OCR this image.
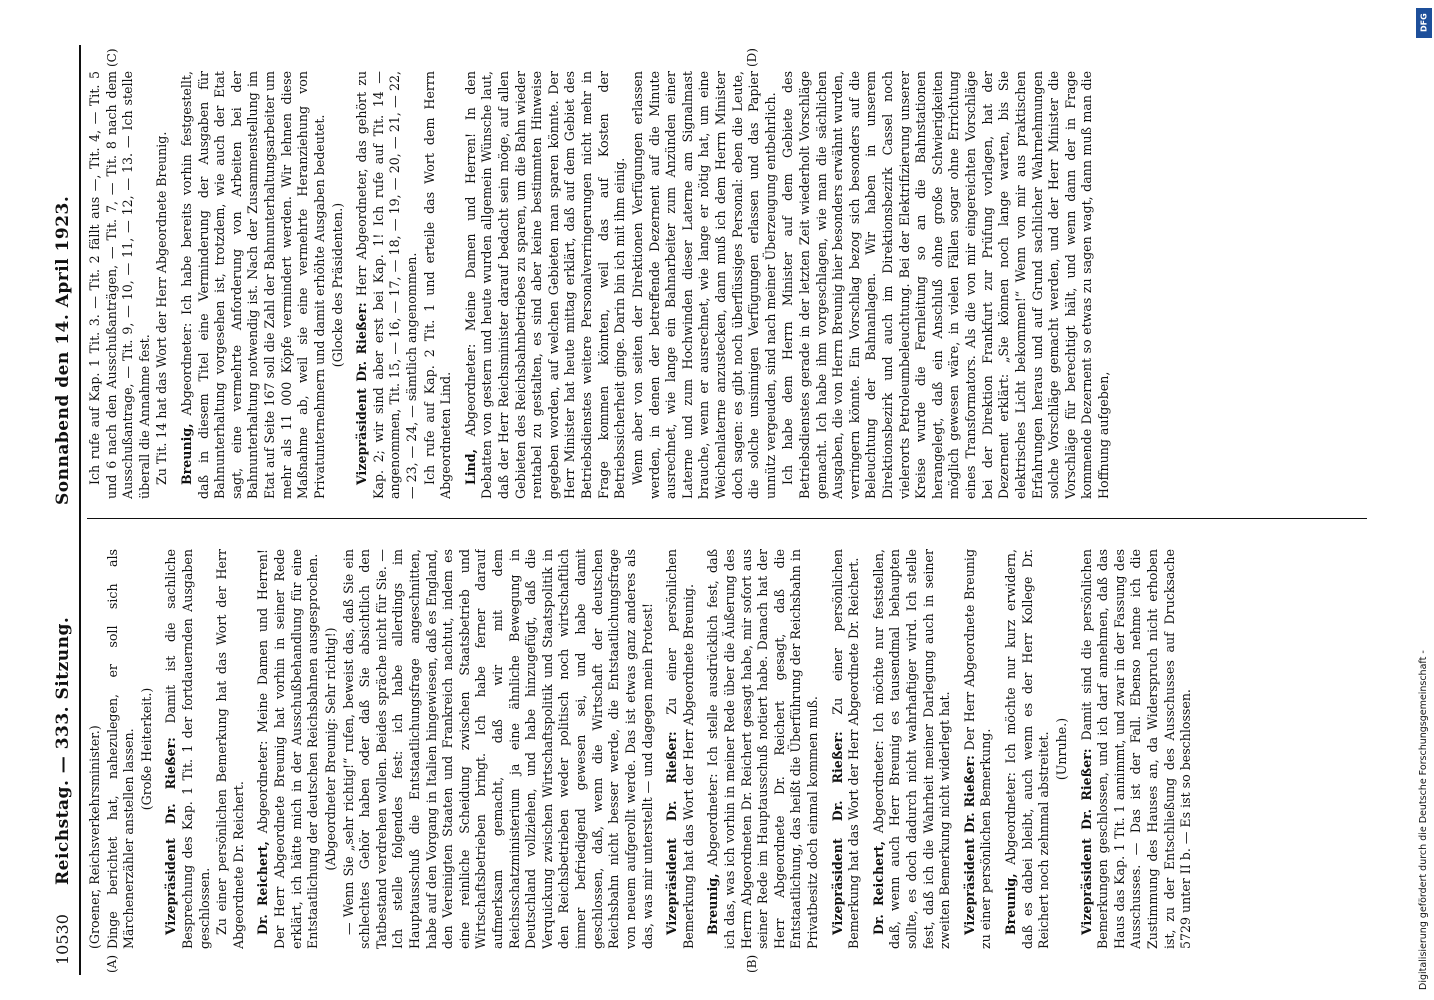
10530
Reichstag. — 333. Sitzung.
Sonnabend den 14. April 1923.
(A)	(B)
(C)	(D)

(Groener, Reichsverkehrsminister.) Dinge berichtet hat, nahezulegen, er soll sich als Märchenerzähler anstellen lassen. (Große Heiterkeit.) Vizepräsident Dr. Rießer: Damit ist die sachliche Besprechung des Kap. 1 Tit. 1 der fortdauernden Ausgaben geschlossen. Zu einer persönlichen Bemerkung hat das Wort der Herr Abgeordnete Dr. Reichert. Dr. Reichert, Abgeordneter: Meine Damen und Herren! Der Herr Abgeordnete Breunig hat vorhin in seiner Rede erklärt, ich hätte mich in der Ausschußbehandlung für eine Entstaatlichung der deutschen Reichsbahnen ausgesprochen. (Abgeordneter Breunig: Sehr richtig!) — Wenn Sie „sehr richtig!“ rufen, beweist das, daß Sie ein schlechtes Gehör haben oder daß Sie absichtlich den Tatbestand verdrehen wollen. Beides spräche nicht für Sie. — Ich stelle folgendes fest: ich habe allerdings im Hauptausschuß die Entstaatlichungsfrage angeschnitten, habe auf den Vorgang in Italien hingewiesen, daß es England, den Vereinigten Staaten und Frankreich nachtut, indem es eine reinliche Scheidung zwischen Staatsbetrieb und Wirtschaftsbetrieben bringt. Ich habe ferner darauf aufmerksam gemacht, daß wir mit dem Reichsschatzministerium ja eine ähnliche Bewegung in Deutschland vollziehen, und habe hinzugefügt, daß die Verquickung zwischen Wirtschaftspolitik und Staatspolitik in den Reichsbetrieben weder politisch noch wirtschaftlich immer befriedigend gewesen sei, und habe damit geschlossen, daß, wenn die Wirtschaft der deutschen Reichsbahn nicht besser werde, die Entstaatlichungsfrage von neuem aufgerollt werde. Das ist etwas ganz anderes als das, was mir unterstellt — und dagegen mein Protest! Vizepräsident Dr. Rießer: Zu einer persönlichen Bemerkung hat das Wort der Herr Abgeordnete Breunig. Breunig, Abgeordneter: Ich stelle ausdrücklich fest, daß ich das, was ich vorhin in meiner Rede über die Äußerung des Herrn Abgeordneten Dr. Reichert gesagt habe, mir sofort aus seiner Rede im Hauptausschuß notiert habe. Danach hat der Herr Abgeordnete Dr. Reichert gesagt, daß die Entstaatlichung, das heißt die Überführung der Reichsbahn in Privatbesitz doch einmal kommen muß. Vizepräsident Dr. Rießer: Zu einer persönlichen Bemerkung hat das Wort der Herr Abgeordnete Dr. Reichert. Dr. Reichert, Abgeordneter: Ich möchte nur feststellen, daß, wenn auch Herr Breunig es tausendmal behaupten sollte, es doch dadurch nicht wahrhaftiger wird. Ich stelle fest, daß ich die Wahrheit meiner Darlegung auch in seiner zweiten Bemerkung nicht widerlegt hat. Vizepräsident Dr. Rießer: Der Herr Abgeordnete Breunig zu einer persönlichen Bemerkung. Breunig, Abgeordneter: Ich möchte nur kurz erwidern, daß es dabei bleibt, auch wenn es der Herr Kollege Dr. Reichert noch zehnmal abstreitet. (Unruhe.) Vizepräsident Dr. Rießer: Damit sind die persönlichen Bemerkungen geschlossen, und ich darf annehmen, daß das Haus das Kap. 1 Tit. 1 annimmt, und zwar in der Fassung des Ausschusses. — Das ist der Fall. Ebenso nehme ich die Zustimmung des Hauses an, da Widerspruch nicht erhoben ist, zu der Entschließung des Ausschusses auf Drucksache 5729 unter II b. — Es ist so beschlossen.

Ich rufe auf Kap. 1 Tit. 3. — Tit. 2 fällt aus —, Tit. 4, — Tit. 5 und 6 nach den Ausschußanträgen, — Tit. 7, — Tit. 8 nach dem Ausschußantrage, — Tit. 9, — 10, — 11, — 12, — 13. — Ich stelle überall die Annahme fest. Zu Tit. 14 hat das Wort der Herr Abgeordnete Breunig. Breunig, Abgeordneter: Ich habe bereits vorhin festgestellt, daß in diesem Titel eine Verminderung der Ausgaben für Bahnunterhaltung vorgesehen ist, trotzdem, wie auch der Etat sagt, eine vermehrte Anforderung von Arbeiten bei der Bahnunterhaltung notwendig ist. Nach der Zusammenstellung im Etat auf Seite 167 soll die Zahl der Bahnunterhaltungsarbeiter um mehr als 11 000 Köpfe vermindert werden. Wir lehnen diese Maßnahme ab, weil sie eine vermehrte Heranziehung von Privatunternehmern und damit erhöhte Ausgaben bedeutet. (Glocke des Präsidenten.)

Vizepräsident Dr. Rießer: Herr Abgeordneter, das gehört zu Kap. 2; wir sind aber erst bei Kap. 1! Ich rufe auf Tit. 14 — angenommen, Tit. 15, — 16, — 17, — 18, — 19, — 20, — 21, — 22, — 23, — 24, — sämtlich angenommen. Ich rufe auf Kap. 2 Tit. 1 und erteile das Wort dem Herrn Abgeordneten Lind. Lind, Abgeordneter: Meine Damen und Herren! In den Debatten von gestern und heute wurden allgemein Wünsche laut, daß der Herr Reichsminister darauf bedacht sein möge, auf allen Gebieten des Reichsbahnbetriebes zu sparen, um die Bahn wieder rentabel zu gestalten, es sind aber keine bestimmten Hinweise gegeben worden, auf welchen Gebieten man sparen könnte. Der Herr Minister hat heute mittag erklärt, daß auf dem Gebiet des Betriebsdienstes weitere Personalverringerungen nicht mehr in Frage kommen könnten, weil das auf Kosten der Betriebssicherheit ginge. Darin bin ich mit ihm einig. Wenn aber von seiten der Direktionen Verfügungen erlassen werden, in denen der betreffende Dezernent auf die Minute ausrechnet, wie lange ein Bahnarbeiter zum Anzünden einer Laterne und zum Hochwinden dieser Laterne am Signalmast brauche, wenn er ausrechnet, wie lange er nötig hat, um eine Weichenlaterne anzustecken, dann muß ich dem Herrn Minister doch sagen: es gibt noch überflüssiges Personal: eben die Leute, die solche unsinnigen Verfügungen erlassen und das Papier unnütz vergeuden, sind nach meiner Überzeugung entbehrlich. Ich habe dem Herrn Minister auf dem Gebiete des Betriebsdienstes gerade in der letzten Zeit wiederholt Vorschläge gemacht. Ich habe ihm vorgeschlagen, wie man die sächlichen Ausgaben, die von Herrn Breunig hier besonders erwähnt wurden, verringern könnte. Ein Vorschlag bezog sich besonders auf die Beleuchtung der Bahnanlagen. Wir haben in unserem Direktionsbezirk und auch im Direktionsbezirk Cassel noch vielerorts Petroleumbeleuchtung. Bei der Elektrifizierung unserer Kreise wurde die Fernleitung so an die Bahnstationen herangelegt, daß ein Anschluß ohne große Schwierigkeiten möglich gewesen wäre, in vielen Fällen sogar ohne Errichtung eines Transformators. Als die von mir eingereichten Vorschläge bei der Direktion Frankfurt zur Prüfung vorlagen, hat der Dezernent erklärt: „Sie können noch lange warten, bis Sie elektrisches Licht bekommen!“ Wenn von mir aus praktischen Erfahrungen heraus und auf Grund sachlicher Wahrnehmungen solche Vorschläge gemacht werden, und der Herr Minister die Vorschläge für berechtigt hält, und wenn dann der in Frage kommende Dezernent so etwas zu sagen wagt, dann muß man die Hoffnung aufgeben,

DFG
Digitalisierung gefördert durch die Deutsche Forschungsgemeinschaft -
